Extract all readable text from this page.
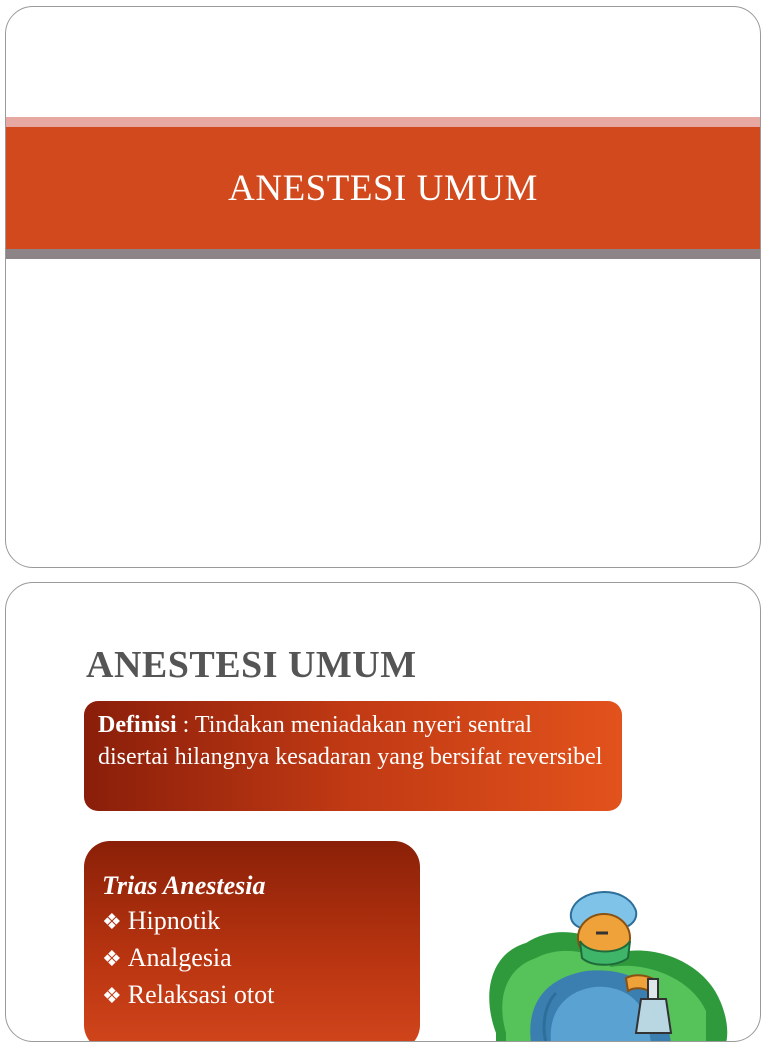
ANESTESI UMUM
ANESTESI UMUM
Definisi : Tindakan meniadakan nyeri sentral disertai hilangnya kesadaran yang bersifat reversibel
Trias Anestesia
❖ Hipnotik
❖ Analgesia
❖ Relaksasi otot
